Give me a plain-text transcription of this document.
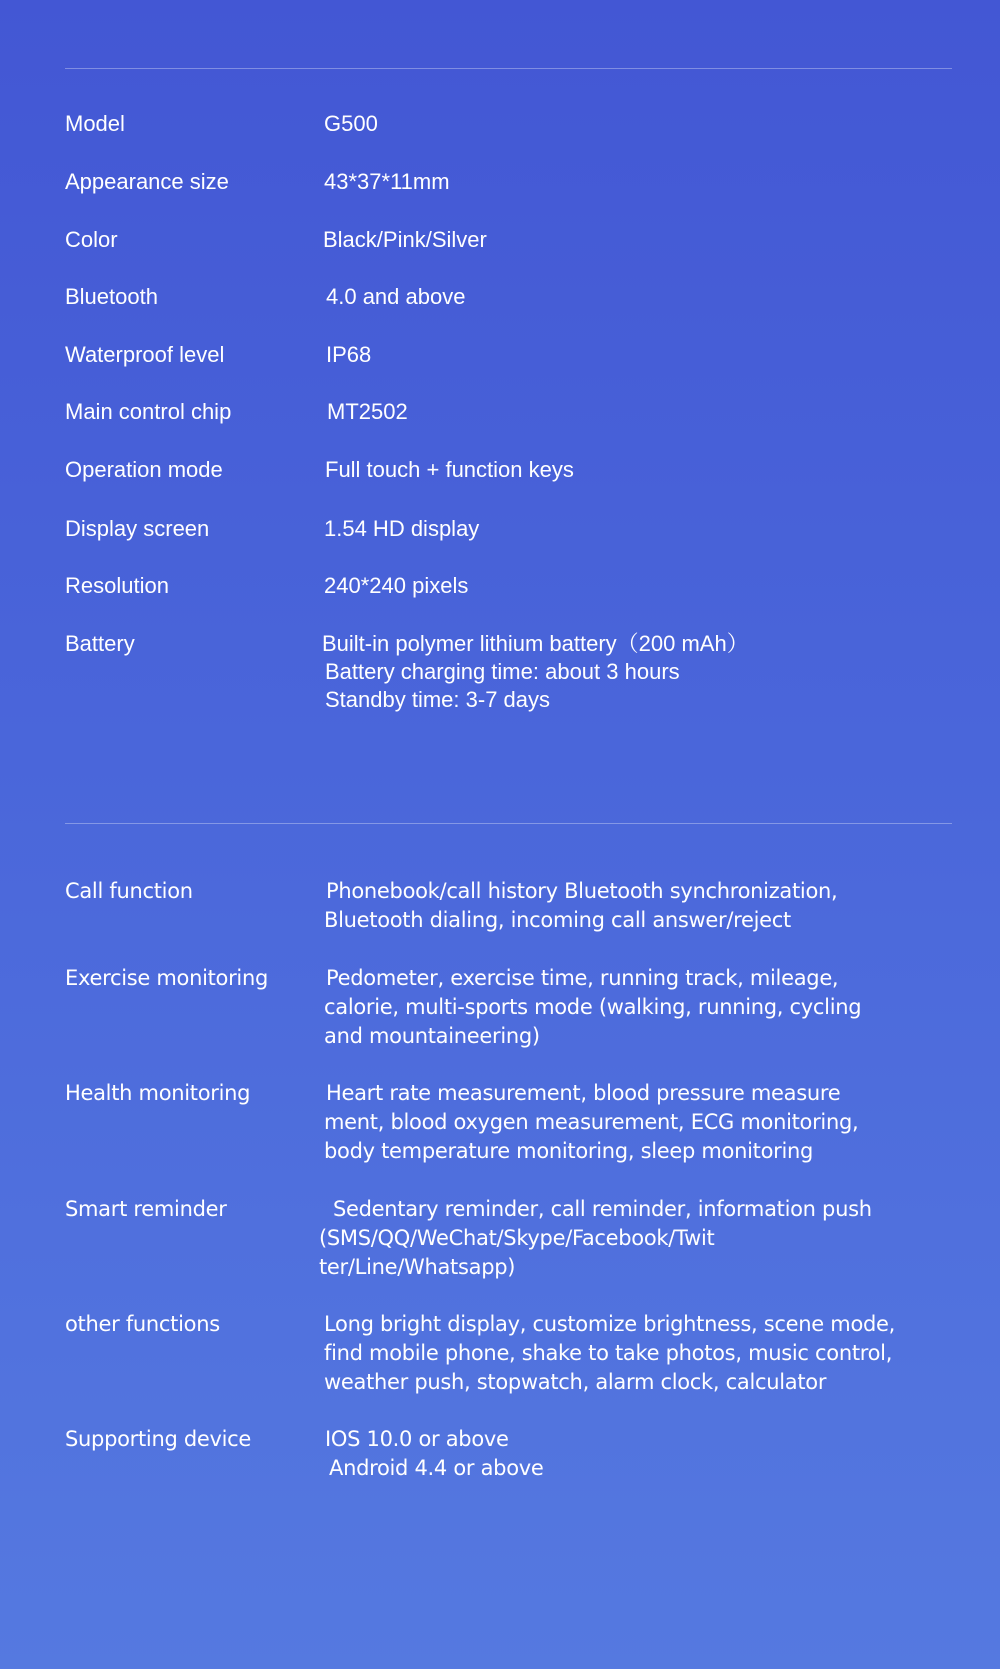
Model	G500
Appearance size	43*37*11mm
Color	Black/Pink/Silver
Bluetooth	4.0 and above
Waterproof level	IP68
Main control chip	MT2502
Operation mode	Full touch + function keys
Display screen	1.54 HD display
Resolution	240*240 pixels
Battery	Built-in polymer lithium battery（200 mAh）
Battery charging time: about 3 hours
Standby time: 3-7 days
Call function	Phonebook/call history Bluetooth synchronization,
Bluetooth dialing, incoming call answer/reject
Exercise monitoring	Pedometer, exercise time, running track, mileage,
calorie, multi-sports mode (walking, running, cycling
and mountaineering)
Health monitoring	Heart rate measurement, blood pressure measure
ment, blood oxygen measurement, ECG monitoring,
body temperature monitoring, sleep monitoring
Smart reminder	Sedentary reminder, call reminder, information push
(SMS/QQ/WeChat/Skype/Facebook/Twit
ter/Line/Whatsapp)
other functions	Long bright display, customize brightness, scene mode,
find mobile phone, shake to take photos, music control,
weather push, stopwatch, alarm clock, calculator
Supporting device	IOS 10.0 or above
Android 4.4 or above
